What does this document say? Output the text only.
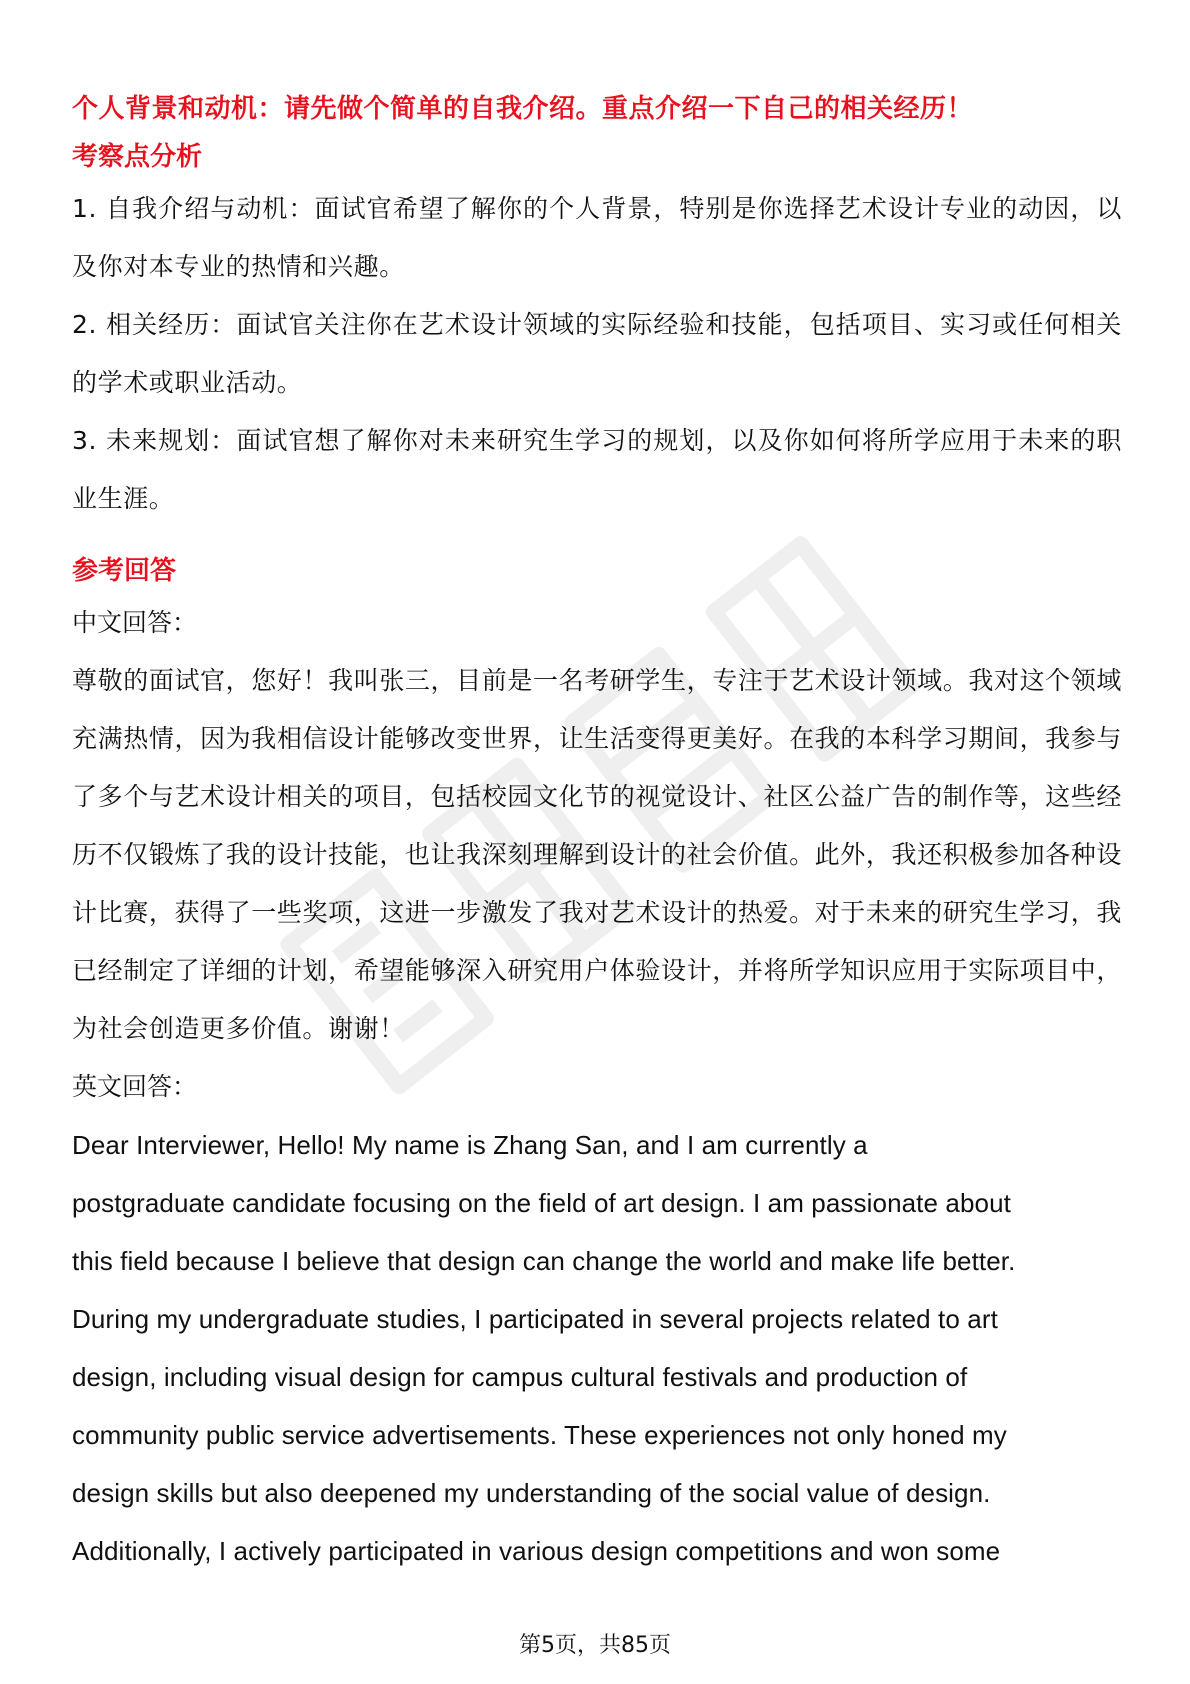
个人背景和动机：请先做个简单的自我介绍。重点介绍一下自己的相关经历！
考察点分析

1. 自我介绍与动机：面试官希望了解你的个人背景，特别是你选择艺术设计专业的动因，以及你对本专业的热情和兴趣。

2. 相关经历：面试官关注你在艺术设计领域的实际经验和技能，包括项目、实习或任何相关的学术或职业活动。

3. 未来规划：面试官想了解你对未来研究生学习的规划，以及你如何将所学应用于未来的职业生涯。

参考回答

中文回答：

尊敬的面试官，您好！我叫张三，目前是一名考研学生，专注于艺术设计领域。我对这个领域充满热情，因为我相信设计能够改变世界，让生活变得更美好。在我的本科学习期间，我参与了多个与艺术设计相关的项目，包括校园文化节的视觉设计、社区公益广告的制作等，这些经历不仅锻炼了我的设计技能，也让我深刻理解到设计的社会价值。此外，我还积极参加各种设计比赛，获得了一些奖项，这进一步激发了我对艺术设计的热爱。对于未来的研究生学习，我已经制定了详细的计划，希望能够深入研究用户体验设计，并将所学知识应用于实际项目中，为社会创造更多价值。谢谢！

英文回答：

Dear Interviewer, Hello! My name is Zhang San, and I am currently a

postgraduate candidate focusing on the field of art design. I am passionate about

this field because I believe that design can change the world and make life better.

During my undergraduate studies, I participated in several projects related to art

design, including visual design for campus cultural festivals and production of

community public service advertisements. These experiences not only honed my

design skills but also deepened my understanding of the social value of design.

Additionally, I actively participated in various design competitions and won some

第5页，共85页
